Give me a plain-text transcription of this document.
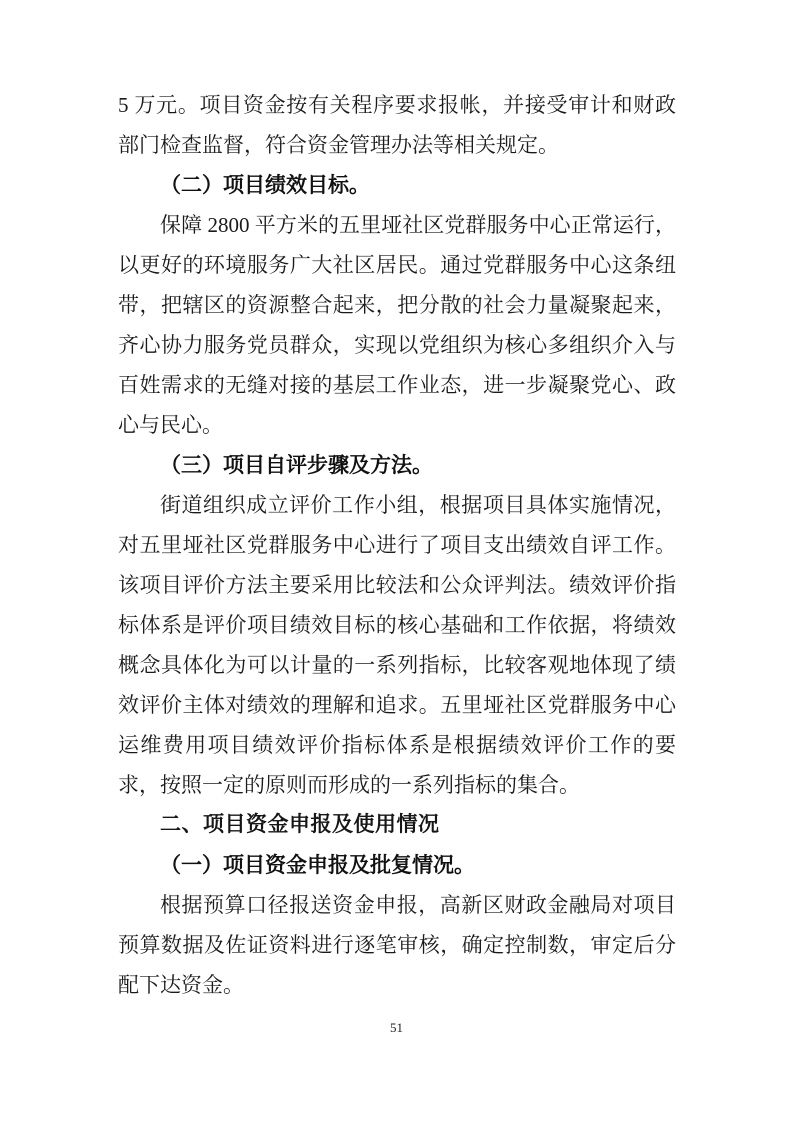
5 万元。项目资金按有关程序要求报帐，并接受审计和财政部门检查监督，符合资金管理办法等相关规定。

（二）项目绩效目标。

保障 2800 平方米的五里垭社区党群服务中心正常运行，以更好的环境服务广大社区居民。通过党群服务中心这条纽带，把辖区的资源整合起来，把分散的社会力量凝聚起来，齐心协力服务党员群众，实现以党组织为核心多组织介入与百姓需求的无缝对接的基层工作业态，进一步凝聚党心、政心与民心。

（三）项目自评步骤及方法。

街道组织成立评价工作小组，根据项目具体实施情况，对五里垭社区党群服务中心进行了项目支出绩效自评工作。该项目评价方法主要采用比较法和公众评判法。绩效评价指标体系是评价项目绩效目标的核心基础和工作依据，将绩效概念具体化为可以计量的一系列指标，比较客观地体现了绩效评价主体对绩效的理解和追求。五里垭社区党群服务中心运维费用项目绩效评价指标体系是根据绩效评价工作的要求，按照一定的原则而形成的一系列指标的集合。

二、项目资金申报及使用情况

（一）项目资金申报及批复情况。

根据预算口径报送资金申报，高新区财政金融局对项目预算数据及佐证资料进行逐笔审核，确定控制数，审定后分配下达资金。

51
